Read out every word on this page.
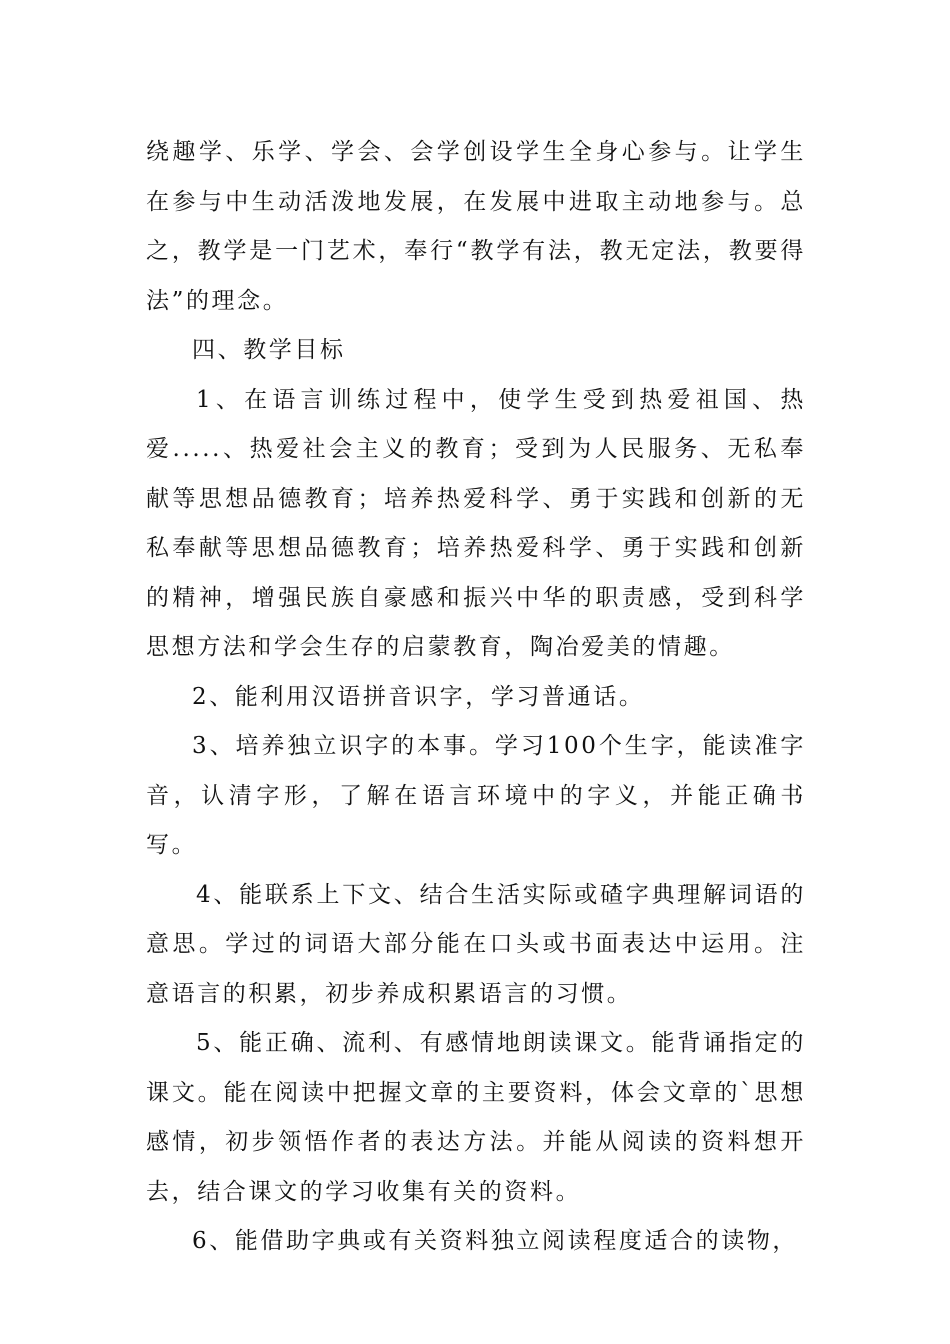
绕趣学、乐学、学会、会学创设学生全身心参与。让学生在参与中生动活泼地发展，在发展中进取主动地参与。总之，教学是一门艺术，奉行“教学有法，教无定法，教要得法”的理念。

四、教学目标

1、在语言训练过程中，使学生受到热爱祖国、热爱.....、热爱社会主义的教育；受到为人民服务、无私奉献等思想品德教育；培养热爱科学、勇于实践和创新的无私奉献等思想品德教育；培养热爱科学、勇于实践和创新的精神，增强民族自豪感和振兴中华的职责感，受到科学思想方法和学会生存的启蒙教育，陶冶爱美的情趣。

2、能利用汉语拼音识字，学习普通话。

3、培养独立识字的本事。学习100个生字，能读准字音，认清字形，了解在语言环境中的字义，并能正确书写。

4、能联系上下文、结合生活实际或碴字典理解词语的意思。学过的词语大部分能在口头或书面表达中运用。注意语言的积累，初步养成积累语言的习惯。

5、能正确、流利、有感情地朗读课文。能背诵指定的课文。能在阅读中把握文章的主要资料，体会文章的`思想感情，初步领悟作者的表达方法。并能从阅读的资料想开去，结合课文的学习收集有关的资料。

6、能借助字典或有关资料独立阅读程度适合的读物，
